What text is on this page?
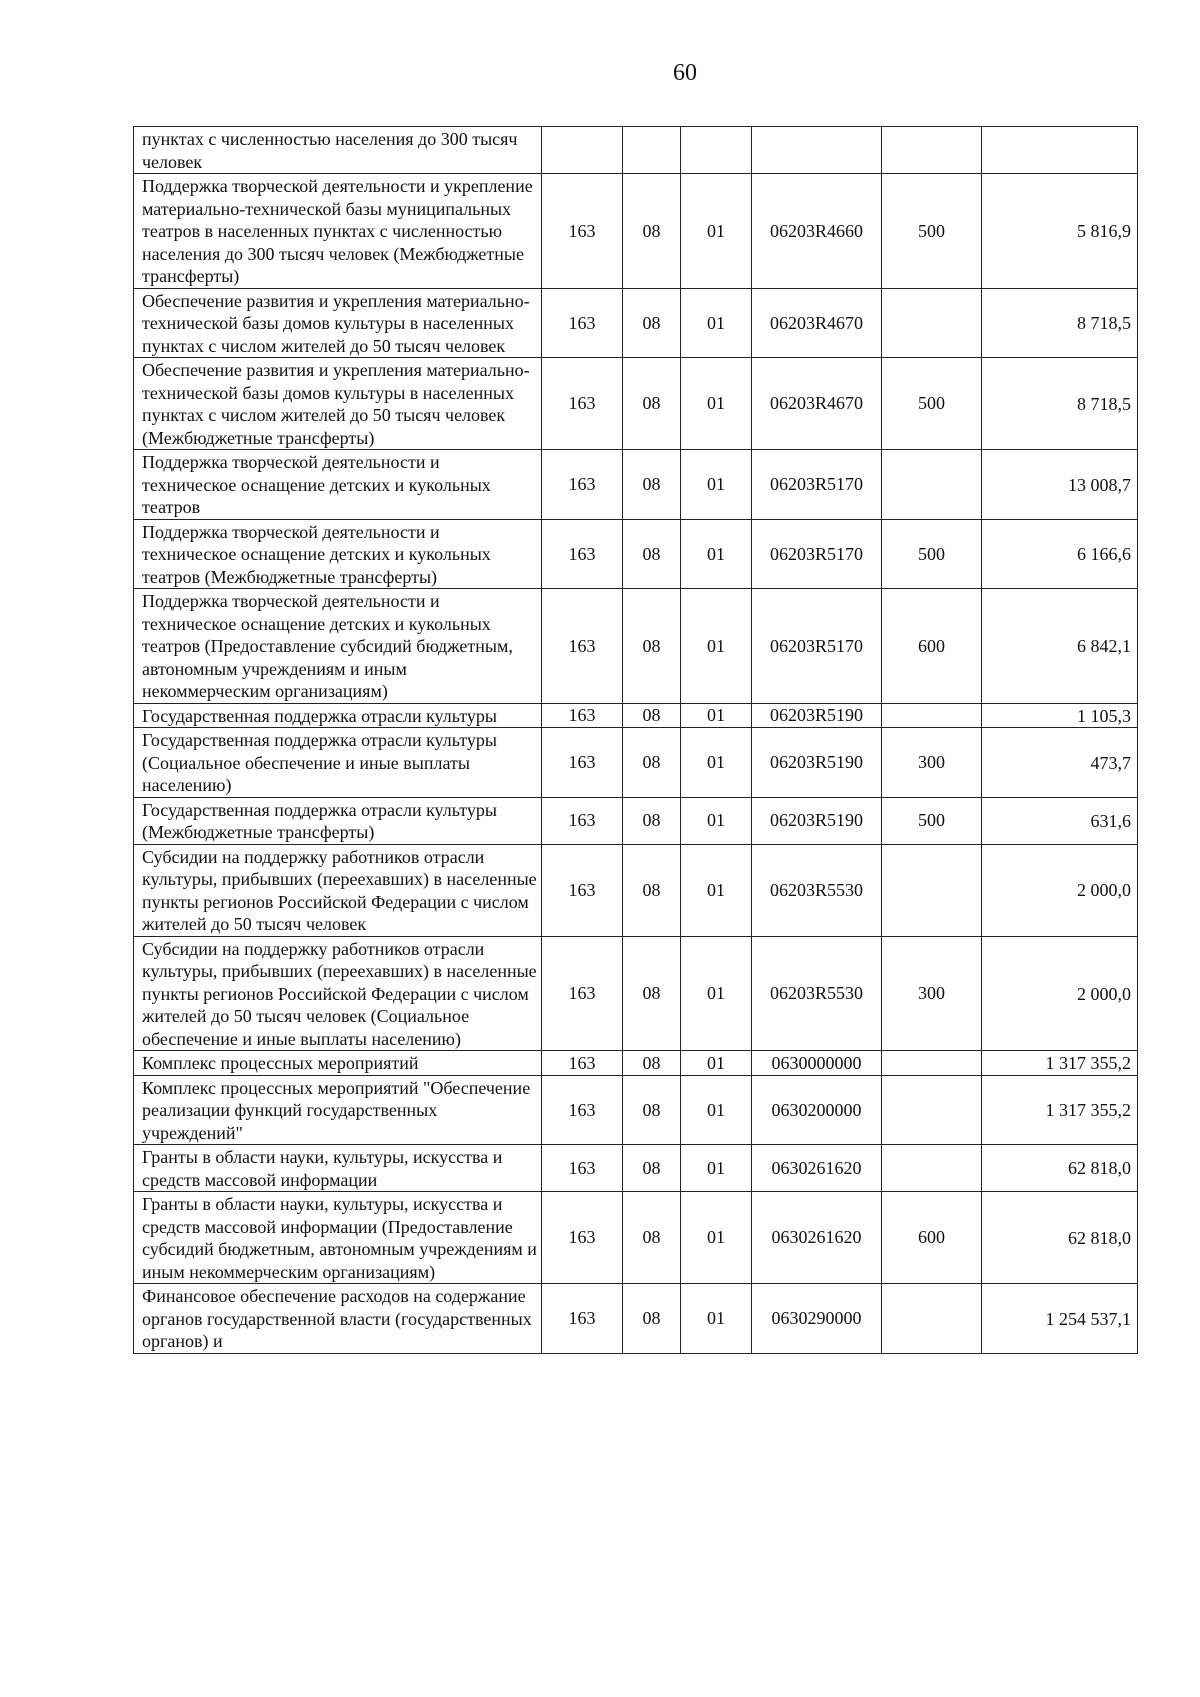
60
пунктах с численностью населения до 300 тысяч человек						
Поддержка творческой деятельности и укрепление материально-технической базы муниципальных театров в населенных пунктах с численностью населения до 300 тысяч человек (Межбюджетные трансферты)	163	08	01	06203R4660	500	5 816,9
Обеспечение развития и укрепления материально-технической базы домов культуры в населенных пунктах с числом жителей до 50 тысяч человек	163	08	01	06203R4670		8 718,5
Обеспечение развития и укрепления материально-технической базы домов культуры в населенных пунктах с числом жителей до 50 тысяч человек (Межбюджетные трансферты)	163	08	01	06203R4670	500	8 718,5
Поддержка творческой деятельности и техническое оснащение детских и кукольных театров	163	08	01	06203R5170		13 008,7
Поддержка творческой деятельности и техническое оснащение детских и кукольных театров (Межбюджетные трансферты)	163	08	01	06203R5170	500	6 166,6
Поддержка творческой деятельности и техническое оснащение детских и кукольных театров (Предоставление субсидий бюджетным, автономным учреждениям и иным некоммерческим организациям)	163	08	01	06203R5170	600	6 842,1
Государственная поддержка отрасли культуры	163	08	01	06203R5190		1 105,3
Государственная поддержка отрасли культуры (Социальное обеспечение и иные выплаты населению)	163	08	01	06203R5190	300	473,7
Государственная поддержка отрасли культуры (Межбюджетные трансферты)	163	08	01	06203R5190	500	631,6
Субсидии на поддержку работников отрасли культуры, прибывших (переехавших) в населенные пункты регионов Российской Федерации с числом жителей до 50 тысяч человек	163	08	01	06203R5530		2 000,0
Субсидии на поддержку работников отрасли культуры, прибывших (переехавших) в населенные пункты регионов Российской Федерации с числом жителей до 50 тысяч человек (Социальное обеспечение и иные выплаты населению)	163	08	01	06203R5530	300	2 000,0
Комплекс процессных мероприятий	163	08	01	0630000000		1 317 355,2
Комплекс процессных мероприятий "Обеспечение реализации функций государственных учреждений"	163	08	01	0630200000		1 317 355,2
Гранты в области науки, культуры, искусства и средств массовой информации	163	08	01	0630261620		62 818,0
Гранты в области науки, культуры, искусства и средств массовой информации (Предоставление субсидий бюджетным, автономным учреждениям и иным некоммерческим организациям)	163	08	01	0630261620	600	62 818,0
Финансовое обеспечение расходов на содержание органов государственной власти (государственных органов) и	163	08	01	0630290000		1 254 537,1
